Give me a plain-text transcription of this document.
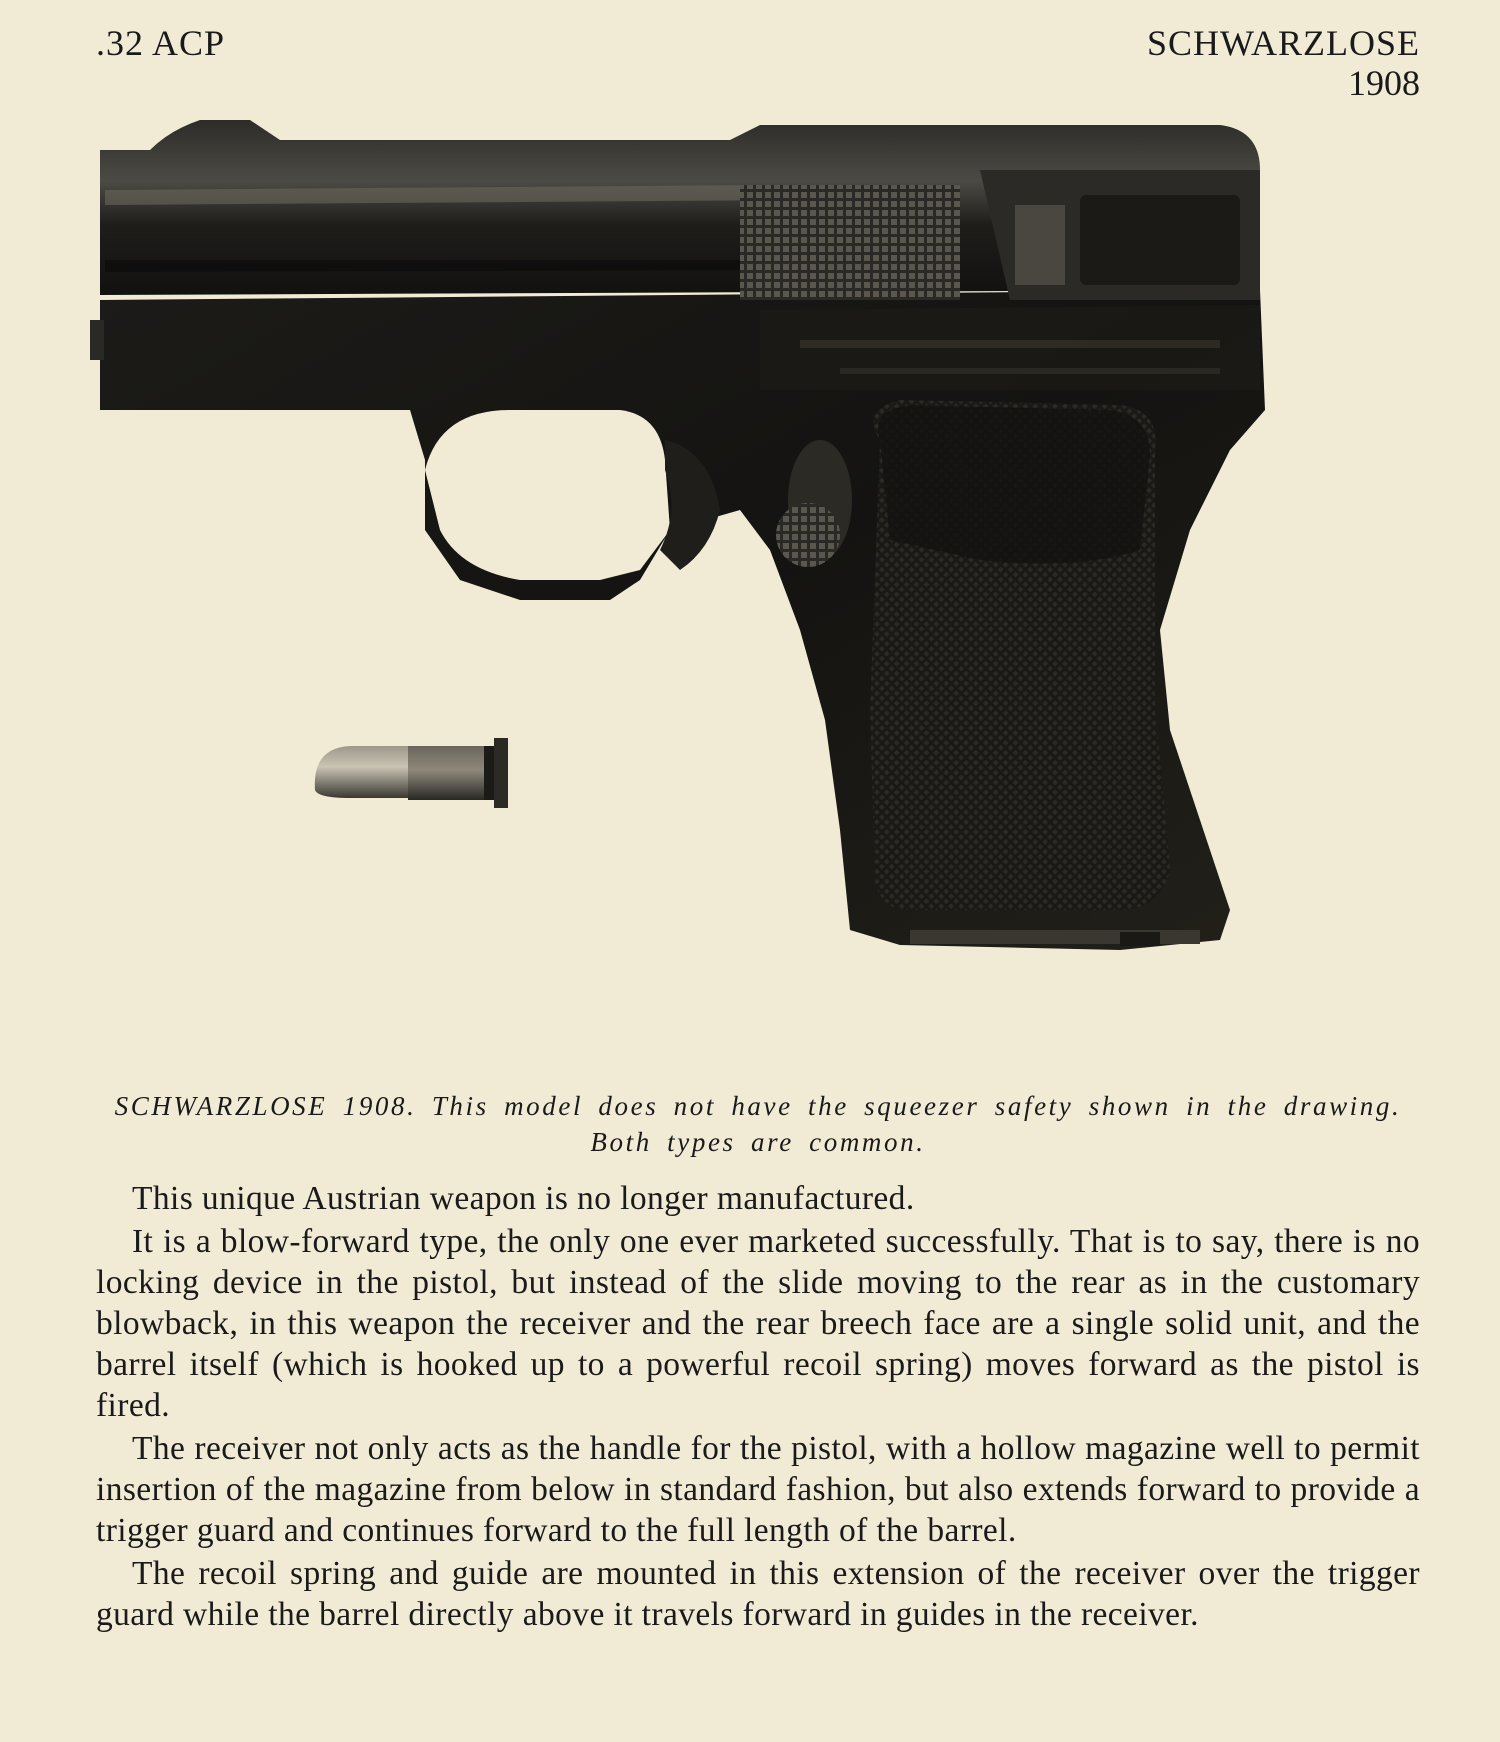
.32 ACP	SCHWARZLOSE
1908
SCHWARZLOSE 1908. This model does not have the squeezer safety shown in the drawing. Both types are common.

This unique Austrian weapon is no longer manufactured.

It is a blow-forward type, the only one ever marketed successfully. That is to say, there is no locking device in the pistol, but instead of the slide moving to the rear as in the customary blowback, in this weapon the receiver and the rear breech face are a single solid unit, and the barrel itself (which is hooked up to a powerful recoil spring) moves forward as the pistol is fired.

The receiver not only acts as the handle for the pistol, with a hollow magazine well to permit insertion of the magazine from below in standard fashion, but also extends forward to provide a trigger guard and continues forward to the full length of the barrel.

The recoil spring and guide are mounted in this extension of the receiver over the trigger guard while the barrel directly above it travels forward in guides in the receiver.
